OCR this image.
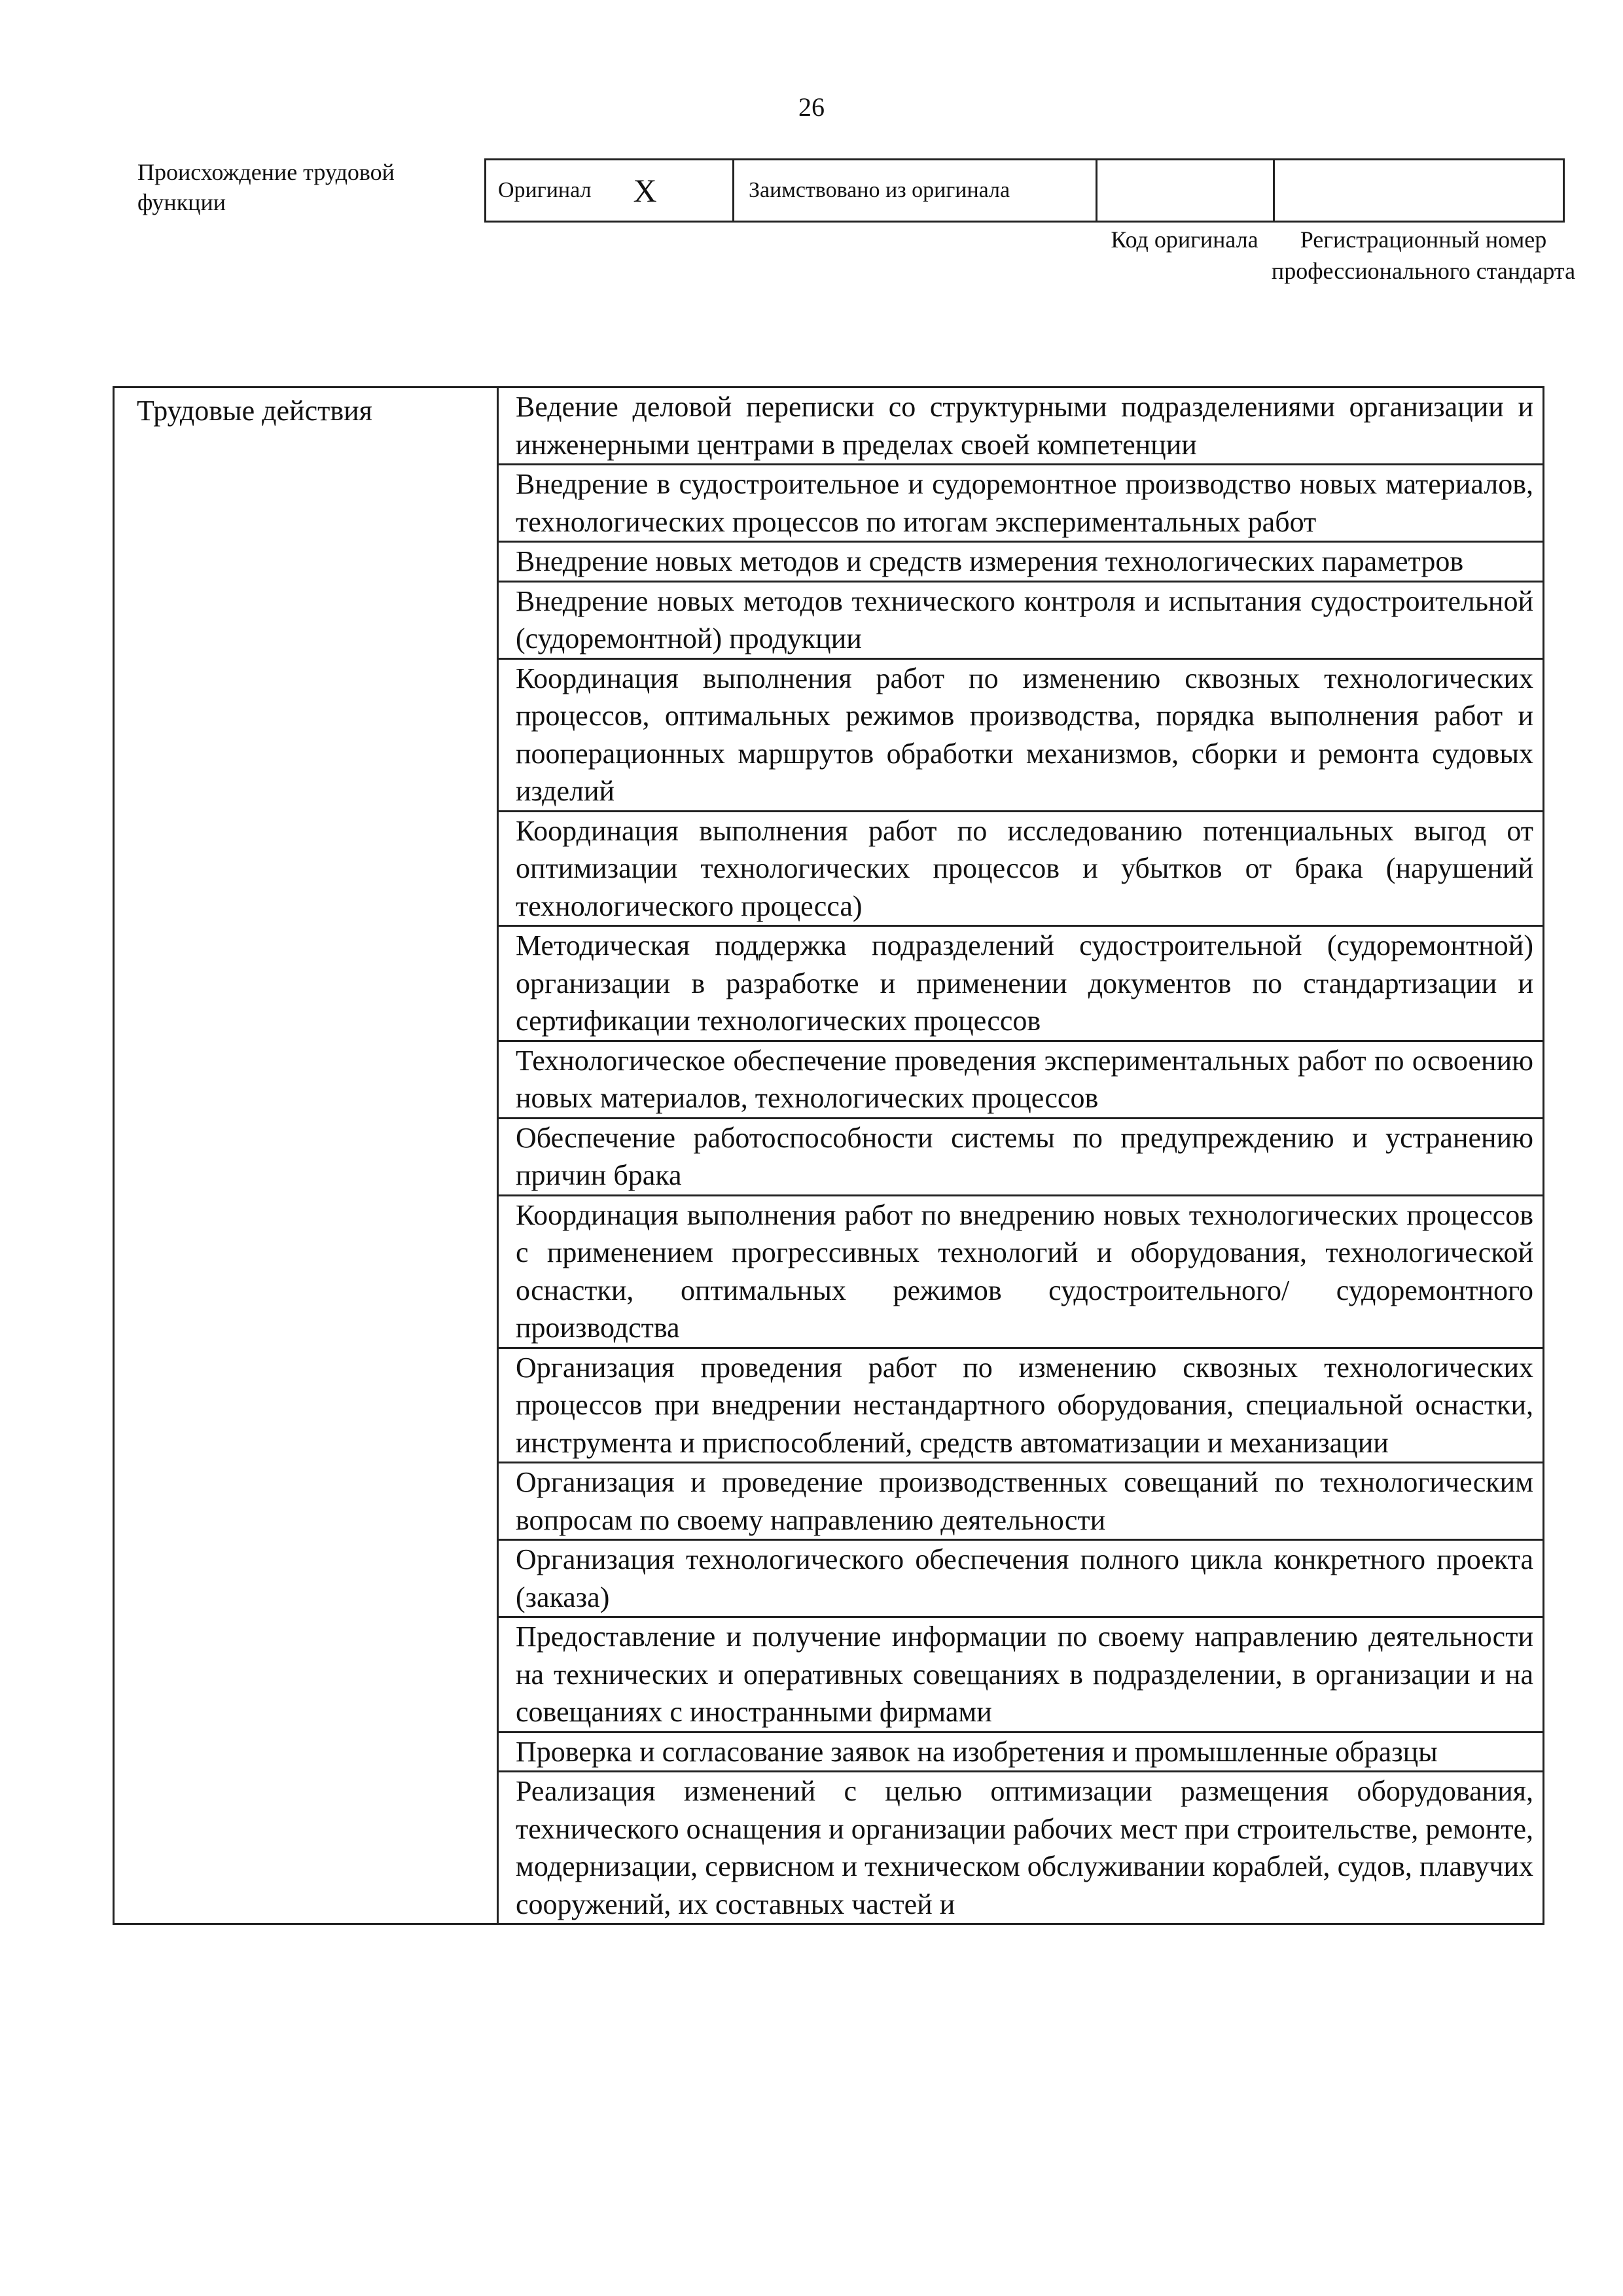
26
Происхождение трудовой функции	Оригинал X	Заимствовано из оригинала		
Код оригинала	Регистрационный номер профессионального стандарта
Трудовые действия	Ведение деловой переписки со структурными подразделениями организации и инженерными центрами в пределах своей компетенции
Внедрение в судостроительное и судоремонтное производство новых материалов, технологических процессов по итогам экспериментальных работ
Внедрение новых методов и средств измерения технологических параметров
Внедрение новых методов технического контроля и испытания судостроительной (судоремонтной) продукции
Координация выполнения работ по изменению сквозных технологических процессов, оптимальных режимов производства, порядка выполнения работ и пооперационных маршрутов обработки механизмов, сборки и ремонта судовых изделий
Координация выполнения работ по исследованию потенциальных выгод от оптимизации технологических процессов и убытков от брака (нарушений технологического процесса)
Методическая поддержка подразделений судостроительной (судоремонтной) организации в разработке и применении документов по стандартизации и сертификации технологических процессов
Технологическое обеспечение проведения экспериментальных работ по освоению новых материалов, технологических процессов
Обеспечение работоспособности системы по предупреждению и устранению причин брака
Координация выполнения работ по внедрению новых технологических процессов с применением прогрессивных технологий и оборудования, технологической оснастки, оптимальных режимов судостроительного/ судоремонтного производства
Организация проведения работ по изменению сквозных технологических процессов при внедрении нестандартного оборудования, специальной оснастки, инструмента и приспособлений, средств автоматизации и механизации
Организация и проведение производственных совещаний по технологическим вопросам по своему направлению деятельности
Организация технологического обеспечения полного цикла конкретного проекта (заказа)
Предоставление и получение информации по своему направлению деятельности на технических и оперативных совещаниях в подразделении, в организации и на совещаниях с иностранными фирмами
Проверка и согласование заявок на изобретения и промышленные образцы
Реализация изменений с целью оптимизации размещения оборудования, технического оснащения и организации рабочих мест при строительстве, ремонте, модернизации, сервисном и техническом обслуживании кораблей, судов, плавучих сооружений, их составных частей и
